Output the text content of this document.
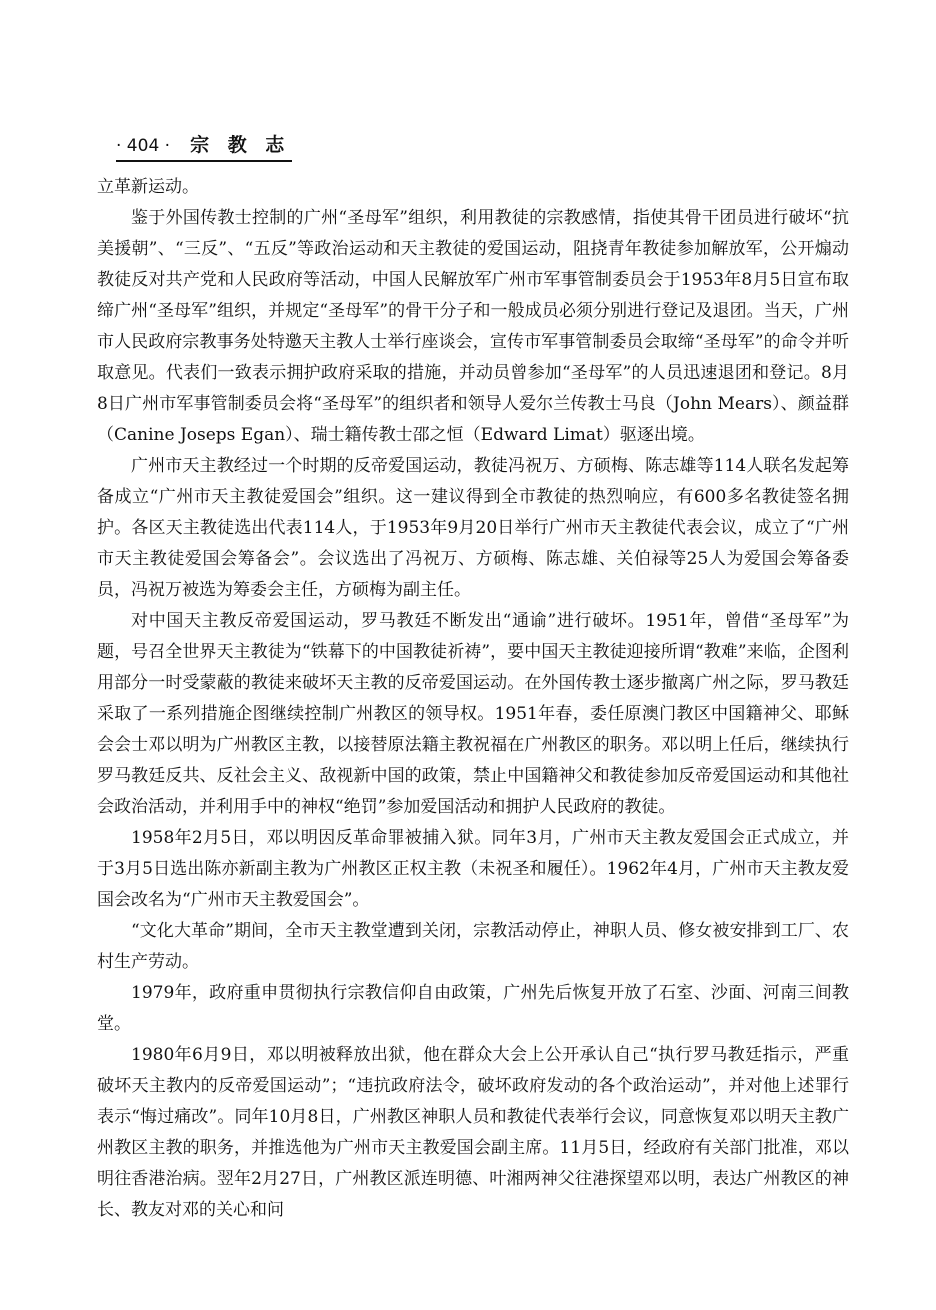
· 404 · 宗 教 志

立革新运动。

鉴于外国传教士控制的广州“圣母军”组织，利用教徒的宗教感情，指使其骨干团员进行破坏“抗美援朝”、“三反”、“五反”等政治运动和天主教徒的爱国运动，阻挠青年教徒参加解放军，公开煽动教徒反对共产党和人民政府等活动，中国人民解放军广州市军事管制委员会于1953年8月5日宣布取缔广州“圣母军”组织，并规定“圣母军”的骨干分子和一般成员必须分别进行登记及退团。当天，广州市人民政府宗教事务处特邀天主教人士举行座谈会，宣传市军事管制委员会取缔“圣母军”的命令并听取意见。代表们一致表示拥护政府采取的措施，并动员曾参加“圣母军”的人员迅速退团和登记。8月8日广州市军事管制委员会将“圣母军”的组织者和领导人爱尔兰传教士马良（John Mears）、颜益群（Canine Joseps Egan）、瑞士籍传教士邵之恒（Edward Limat）驱逐出境。

广州市天主教经过一个时期的反帝爱国运动，教徒冯祝万、方硕梅、陈志雄等114人联名发起筹备成立“广州市天主教徒爱国会”组织。这一建议得到全市教徒的热烈响应，有600多名教徒签名拥护。各区天主教徒选出代表114人，于1953年9月20日举行广州市天主教徒代表会议，成立了“广州市天主教徒爱国会筹备会”。会议选出了冯祝万、方硕梅、陈志雄、关伯禄等25人为爱国会筹备委员，冯祝万被选为筹委会主任，方硕梅为副主任。

对中国天主教反帝爱国运动，罗马教廷不断发出“通谕”进行破坏。1951年，曾借“圣母军”为题，号召全世界天主教徒为“铁幕下的中国教徒祈祷”，要中国天主教徒迎接所谓“教难”来临，企图利用部分一时受蒙蔽的教徒来破坏天主教的反帝爱国运动。在外国传教士逐步撤离广州之际，罗马教廷采取了一系列措施企图继续控制广州教区的领导权。1951年春，委任原澳门教区中国籍神父、耶稣会会士邓以明为广州教区主教，以接替原法籍主教祝福在广州教区的职务。邓以明上任后，继续执行罗马教廷反共、反社会主义、敌视新中国的政策，禁止中国籍神父和教徒参加反帝爱国运动和其他社会政治活动，并利用手中的神权“绝罚”参加爱国活动和拥护人民政府的教徒。

1958年2月5日，邓以明因反革命罪被捕入狱。同年3月，广州市天主教友爱国会正式成立，并于3月5日选出陈亦新副主教为广州教区正权主教（未祝圣和履任）。1962年4月，广州市天主教友爱国会改名为“广州市天主教爱国会”。

“文化大革命”期间，全市天主教堂遭到关闭，宗教活动停止，神职人员、修女被安排到工厂、农村生产劳动。

1979年，政府重申贯彻执行宗教信仰自由政策，广州先后恢复开放了石室、沙面、河南三间教堂。

1980年6月9日，邓以明被释放出狱，他在群众大会上公开承认自己“执行罗马教廷指示，严重破坏天主教内的反帝爱国运动”；“违抗政府法令，破坏政府发动的各个政治运动”，并对他上述罪行表示“悔过痛改”。同年10月8日，广州教区神职人员和教徒代表举行会议，同意恢复邓以明天主教广州教区主教的职务，并推选他为广州市天主教爱国会副主席。11月5日，经政府有关部门批准，邓以明往香港治病。翌年2月27日，广州教区派连明德、叶湘两神父往港探望邓以明，表达广州教区的神长、教友对邓的关心和问
